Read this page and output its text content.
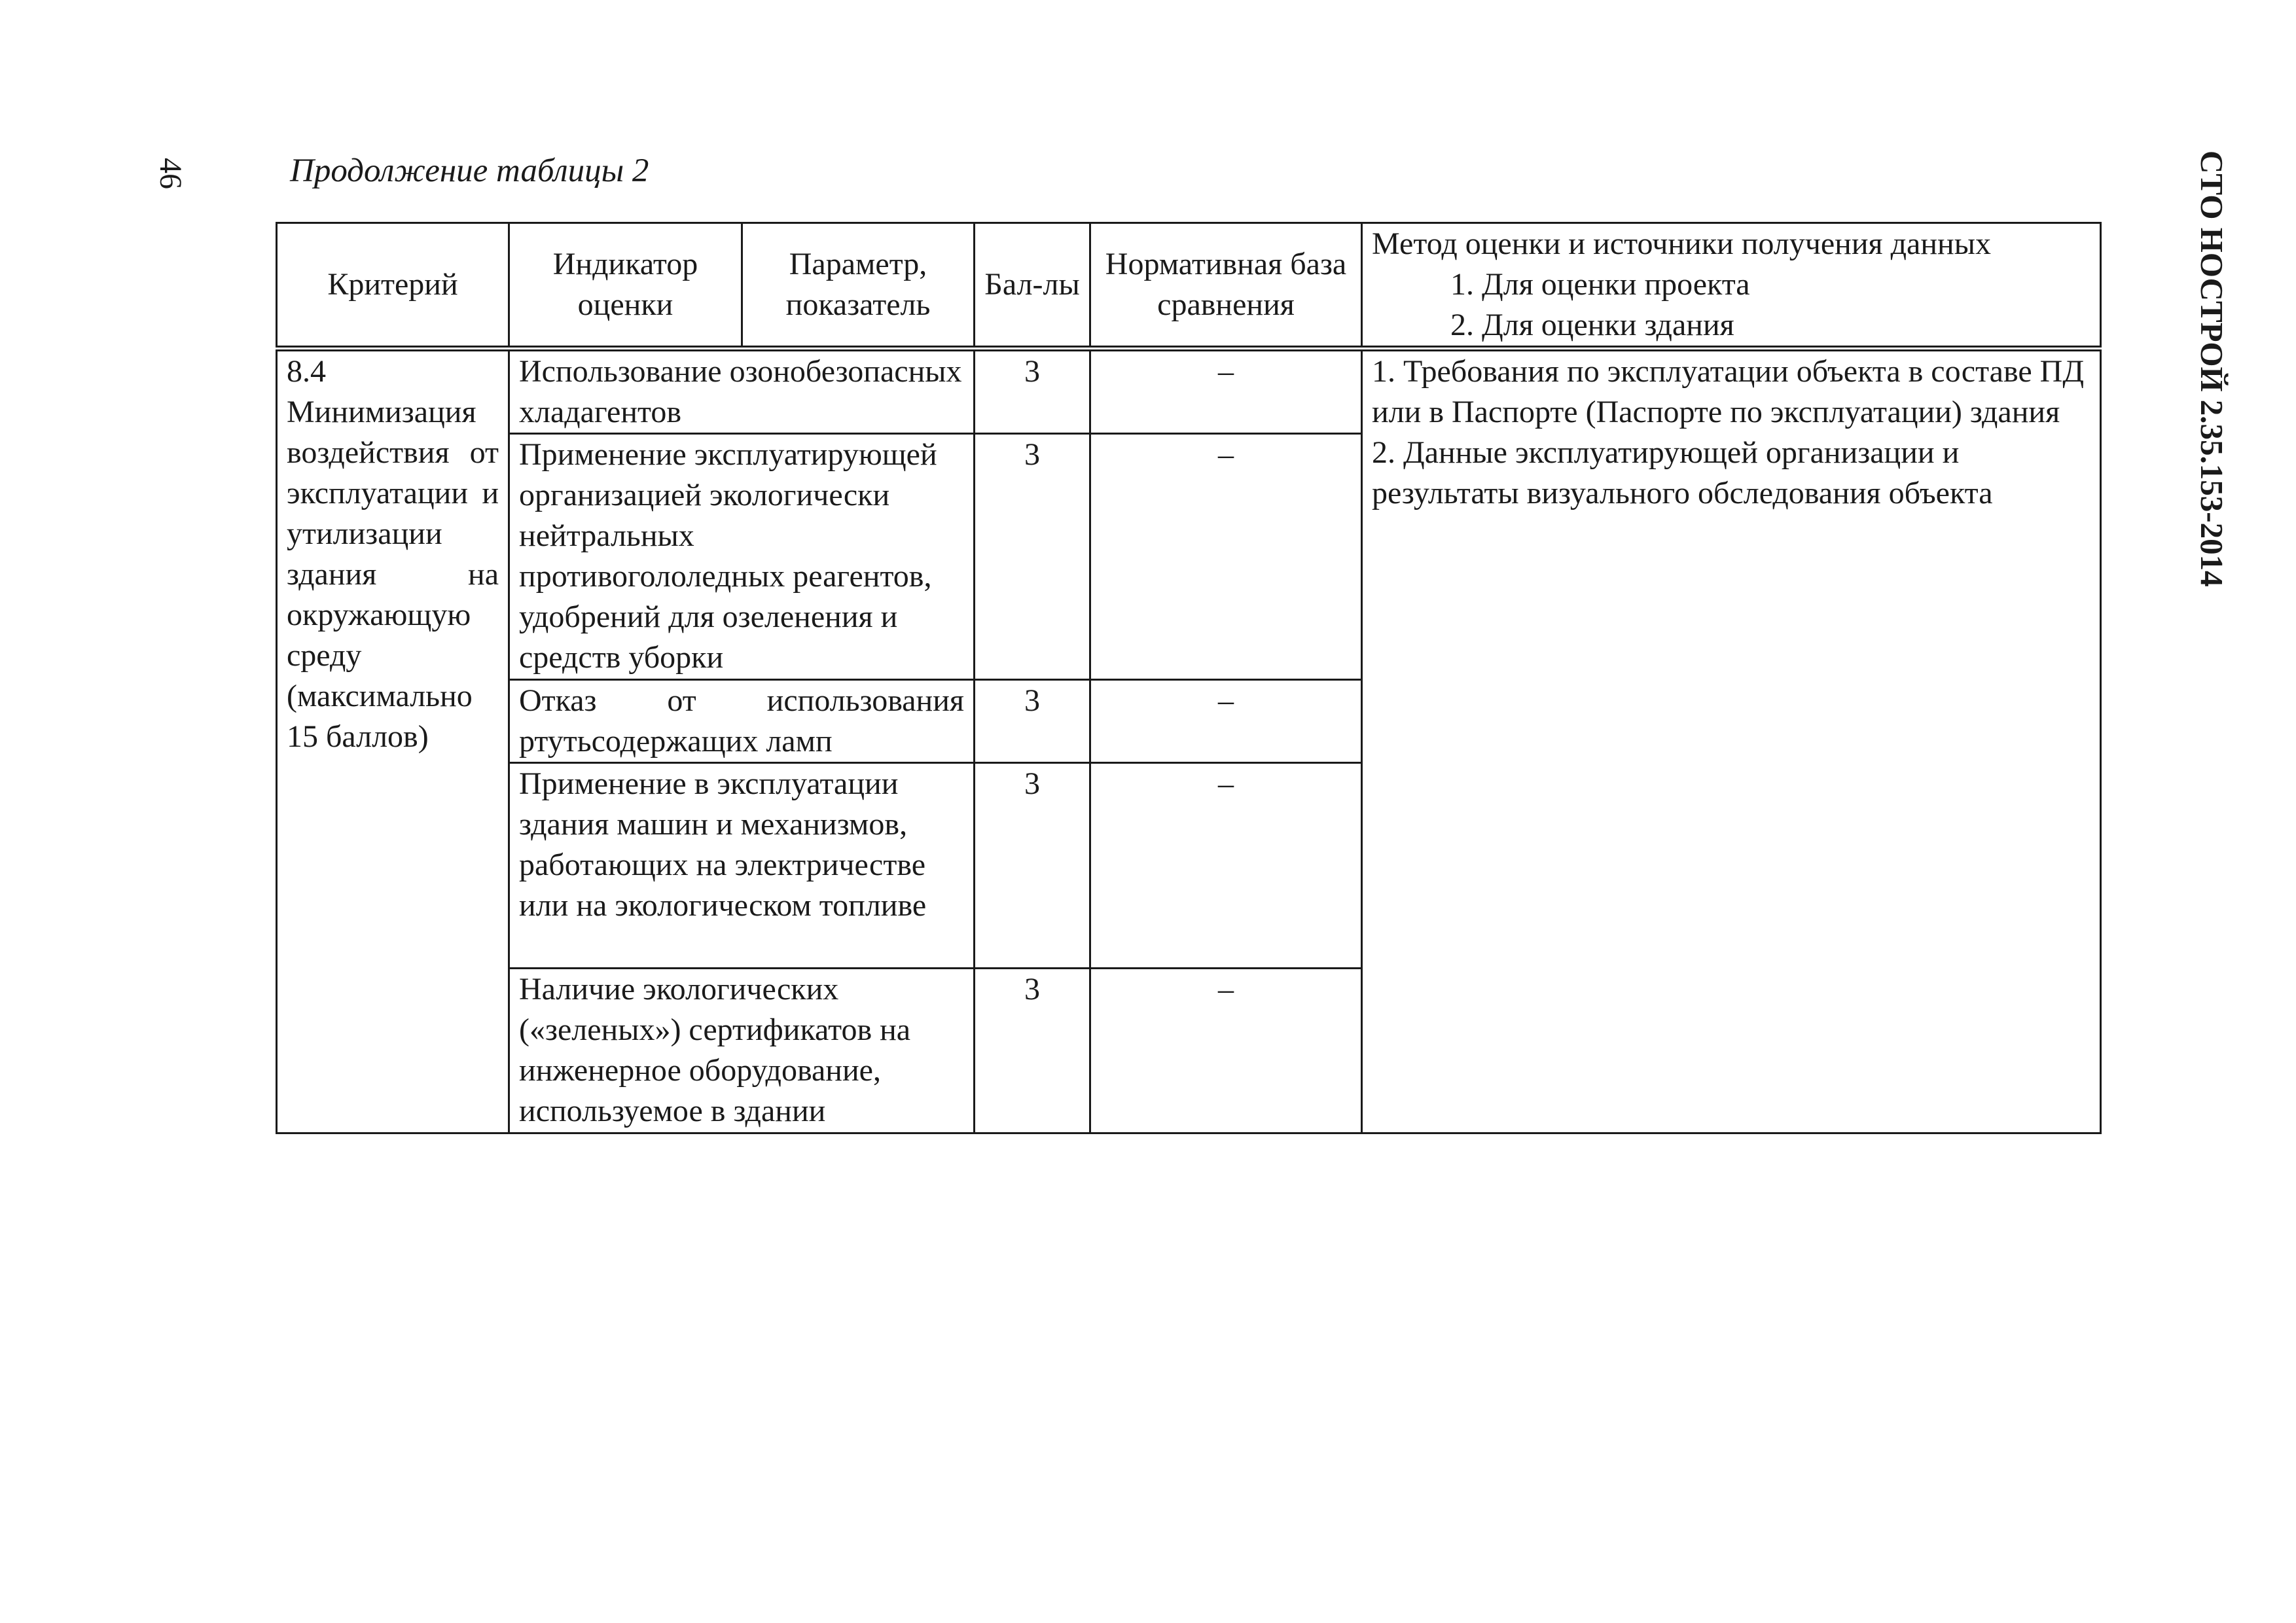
46	СТО НОСТРОЙ 2.35.153-2014
Продолжение таблицы 2
Критерий	Индикатор оценки	Параметр, показатель	Бал-лы	Нормативная база сравнения	Метод оценки и источники получения данных
1. Для оценки проекта
2. Для оценки здания

8.4 Минимизация воздействия от эксплуатации и утилизации здания на окружающую среду (максимально 15 баллов)	Использование озонобезопасных хладагентов		3	–	1. Требования по эксплуатации объекта в составе ПД или в Паспорте (Паспорте по эксплуатации) здания
2. Данные эксплуатирующей организации и результаты визуального обследования объекта

	Применение эксплуатирующей организацией экологически нейтральных противогололедных реагентов, удобрений для озеленения и средств уборки		3	–	
	Отказ от использования ртутьсодержащих ламп		3	–	
	Применение в эксплуатации здания машин и механизмов, работающих на электричестве или на экологическом топливе		3	–	
	Наличие экологических («зеленых») сертификатов на инженерное оборудование, используемое в здании		3	–	
